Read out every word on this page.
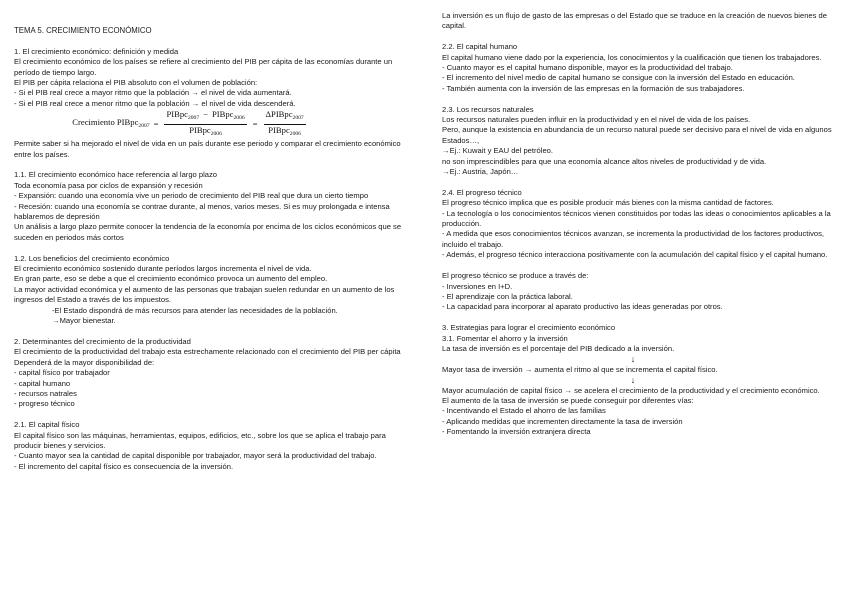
TEMA 5. CRECIMIENTO ECONÓMICO

1. El crecimiento económico: definición y medida

El crecimiento económico de los países se refiere al crecimiento del PIB per cápita de las economías durante un período de tiempo largo.

El PIB per cápita relaciona el PIB absoluto con el volumen de población:

- Si el PIB real crece a mayor ritmo que la población → el nivel de vida aumentará.

- Si el PIB real crece a menor ritmo que la población → el nivel de vida descenderá.

Crecimiento PIBpc$_{2007}$ = $\frac{PIBpc_{2007} - PIBpc_{2006}}{PIBpc_{2006}} = \frac{\Delta PIBpc_{2007}}{PIBpc_{2006}}$

Permite saber si ha mejorado el nivel de vida en un país durante ese periodo y comparar el crecimiento económico entre los países.

1.1. El crecimiento económico hace referencia al largo plazo

Toda economía pasa por ciclos de expansión y recesión

- Expansión: cuando una economía vive un periodo de crecimiento del PIB real que dura un cierto tiempo

- Recesión: cuando una economía se contrae durante, al menos, varios meses. Si es muy prolongada e intensa hablaremos de depresión

Un análisis a largo plazo permite conocer la tendencia de la economía por encima de los ciclos económicos que se suceden en periodos más cortos

1.2. Los beneficios del crecimiento económico

El crecimiento económico sostenido durante períodos largos incrementa el nivel de vida.

En gran parte, eso se debe a que el crecimiento económico provoca un aumento del empleo.

La mayor actividad económica y el aumento de las personas que trabajan suelen redundar en un aumento de los ingresos del Estado a través de los impuestos.

-El Estado dispondrá de más recursos para atender las necesidades de la población.

→Mayor bienestar.

2. Determinantes del crecimiento de la productividad

El crecimiento de la productividad del trabajo esta estrechamente relacionado con el crecimiento del PIB per cápita

Dependerá de la mayor disponibilidad de:

- capital físico por trabajador

- capital humano

- recursos natrales

- progreso técnico

2.1. El capital físico

El capital físico son las máquinas, herramientas, equipos, edificios, etc., sobre los que se aplica el trabajo para producir bienes y servicios.

- Cuanto mayor sea la cantidad de capital disponible por trabajador, mayor será la productividad del trabajo.

- El incremento del capital físico es consecuencia de la inversión.

La inversión es un flujo de gasto de las empresas o del Estado que se traduce en la creación de nuevos bienes de capital.

2.2. El capital humano

El capital humano viene dado por la experiencia, los conocimientos y la cualificación que tienen los trabajadores.

- Cuanto mayor es el capital humano disponible, mayor es la productividad del trabajo.

- El incremento del nivel medio de capital humano se consigue con la inversión del Estado en educación.

- También aumenta con la inversión de las empresas en la formación de sus trabajadores.

2.3. Los recursos naturales

Los recursos naturales pueden influir en la productividad y en el nivel de vida de los países.

Pero, aunque la existencia en abundancia de un recurso natural puede ser decisivo para el nivel de vida en algunos Estados…,

→Ej.: Kuwait y EAU del petróleo.

no son imprescindibles para que una economía alcance altos niveles de productividad y de vida.

→Ej.: Austria, Japón…

2.4. El progreso técnico

El progreso técnico implica que es posible producir más bienes con la misma cantidad de factores.

- La tecnología o los conocimientos técnicos vienen constituidos por todas las ideas o conocimientos aplicables a la producción.

- A medida que esos conocimientos técnicos avanzan, se incrementa la productividad de los factores productivos, incluido el trabajo.

- Además, el progreso técnico interacciona positivamente con la acumulación del capital físico y el capital humano.

El progreso técnico se produce a través de:

- Inversiones en I+D.

- El aprendizaje con la práctica laboral.

- La capacidad para incorporar al aparato productivo las ideas generadas por otros.

3. Estrategias para lograr el crecimiento económico

3.1. Fomentar el ahorro y la inversión

La tasa de inversión es el porcentaje del PIB dedicado a la inversión.

↓

Mayor tasa de inversión → aumenta el ritmo al que se incrementa el capital físico.

↓

Mayor acumulación de capital físico → se acelera el crecimiento de la productividad y el crecimiento económico.

El aumento de la tasa de inversión se puede conseguir por diferentes vías:

- Incentivando el Estado el ahorro de las familias

- Aplicando medidas que incrementen directamente la tasa de inversión

- Fomentando la inversión extranjera directa
